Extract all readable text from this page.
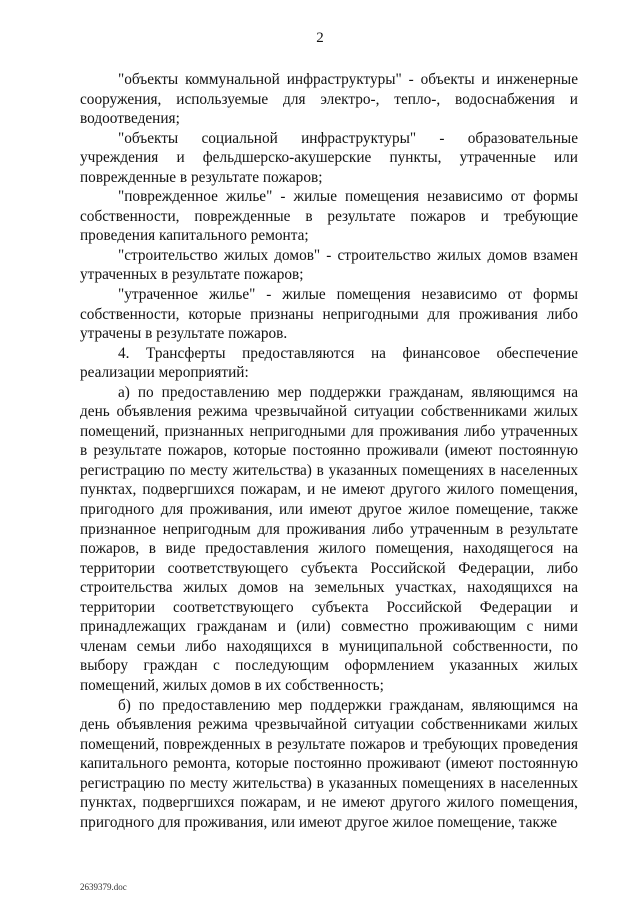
2

"объекты коммунальной инфраструктуры" - объекты и инженерные сооружения, используемые для электро-, тепло-, водоснабжения и водоотведения;

"объекты социальной инфраструктуры" - образовательные учреждения и фельдшерско-акушерские пункты, утраченные или поврежденные в результате пожаров;

"поврежденное жилье" - жилые помещения независимо от формы собственности, поврежденные в результате пожаров и требующие проведения капитального ремонта;

"строительство жилых домов" - строительство жилых домов взамен утраченных в результате пожаров;

"утраченное жилье" - жилые помещения независимо от формы собственности, которые признаны непригодными для проживания либо утрачены в результате пожаров.

4. Трансферты предоставляются на финансовое обеспечение реализации мероприятий:

а) по предоставлению мер поддержки гражданам, являющимся на день объявления режима чрезвычайной ситуации собственниками жилых помещений, признанных непригодными для проживания либо утраченных в результате пожаров, которые постоянно проживали (имеют постоянную регистрацию по месту жительства) в указанных помещениях в населенных пунктах, подвергшихся пожарам, и не имеют другого жилого помещения, пригодного для проживания, или имеют другое жилое помещение, также признанное непригодным для проживания либо утраченным в результате пожаров, в виде предоставления жилого помещения, находящегося на территории соответствующего субъекта Российской Федерации, либо строительства жилых домов на земельных участках, находящихся на территории соответствующего субъекта Российской Федерации и принадлежащих гражданам и (или) совместно проживающим с ними членам семьи либо находящихся в муниципальной собственности, по выбору граждан с последующим оформлением указанных жилых помещений, жилых домов в их собственность;

б) по предоставлению мер поддержки гражданам, являющимся на день объявления режима чрезвычайной ситуации собственниками жилых помещений, поврежденных в результате пожаров и требующих проведения капитального ремонта, которые постоянно проживают (имеют постоянную регистрацию по месту жительства) в указанных помещениях в населенных пунктах, подвергшихся пожарам, и не имеют другого жилого помещения, пригодного для проживания, или имеют другое жилое помещение, также

2639379.doc
